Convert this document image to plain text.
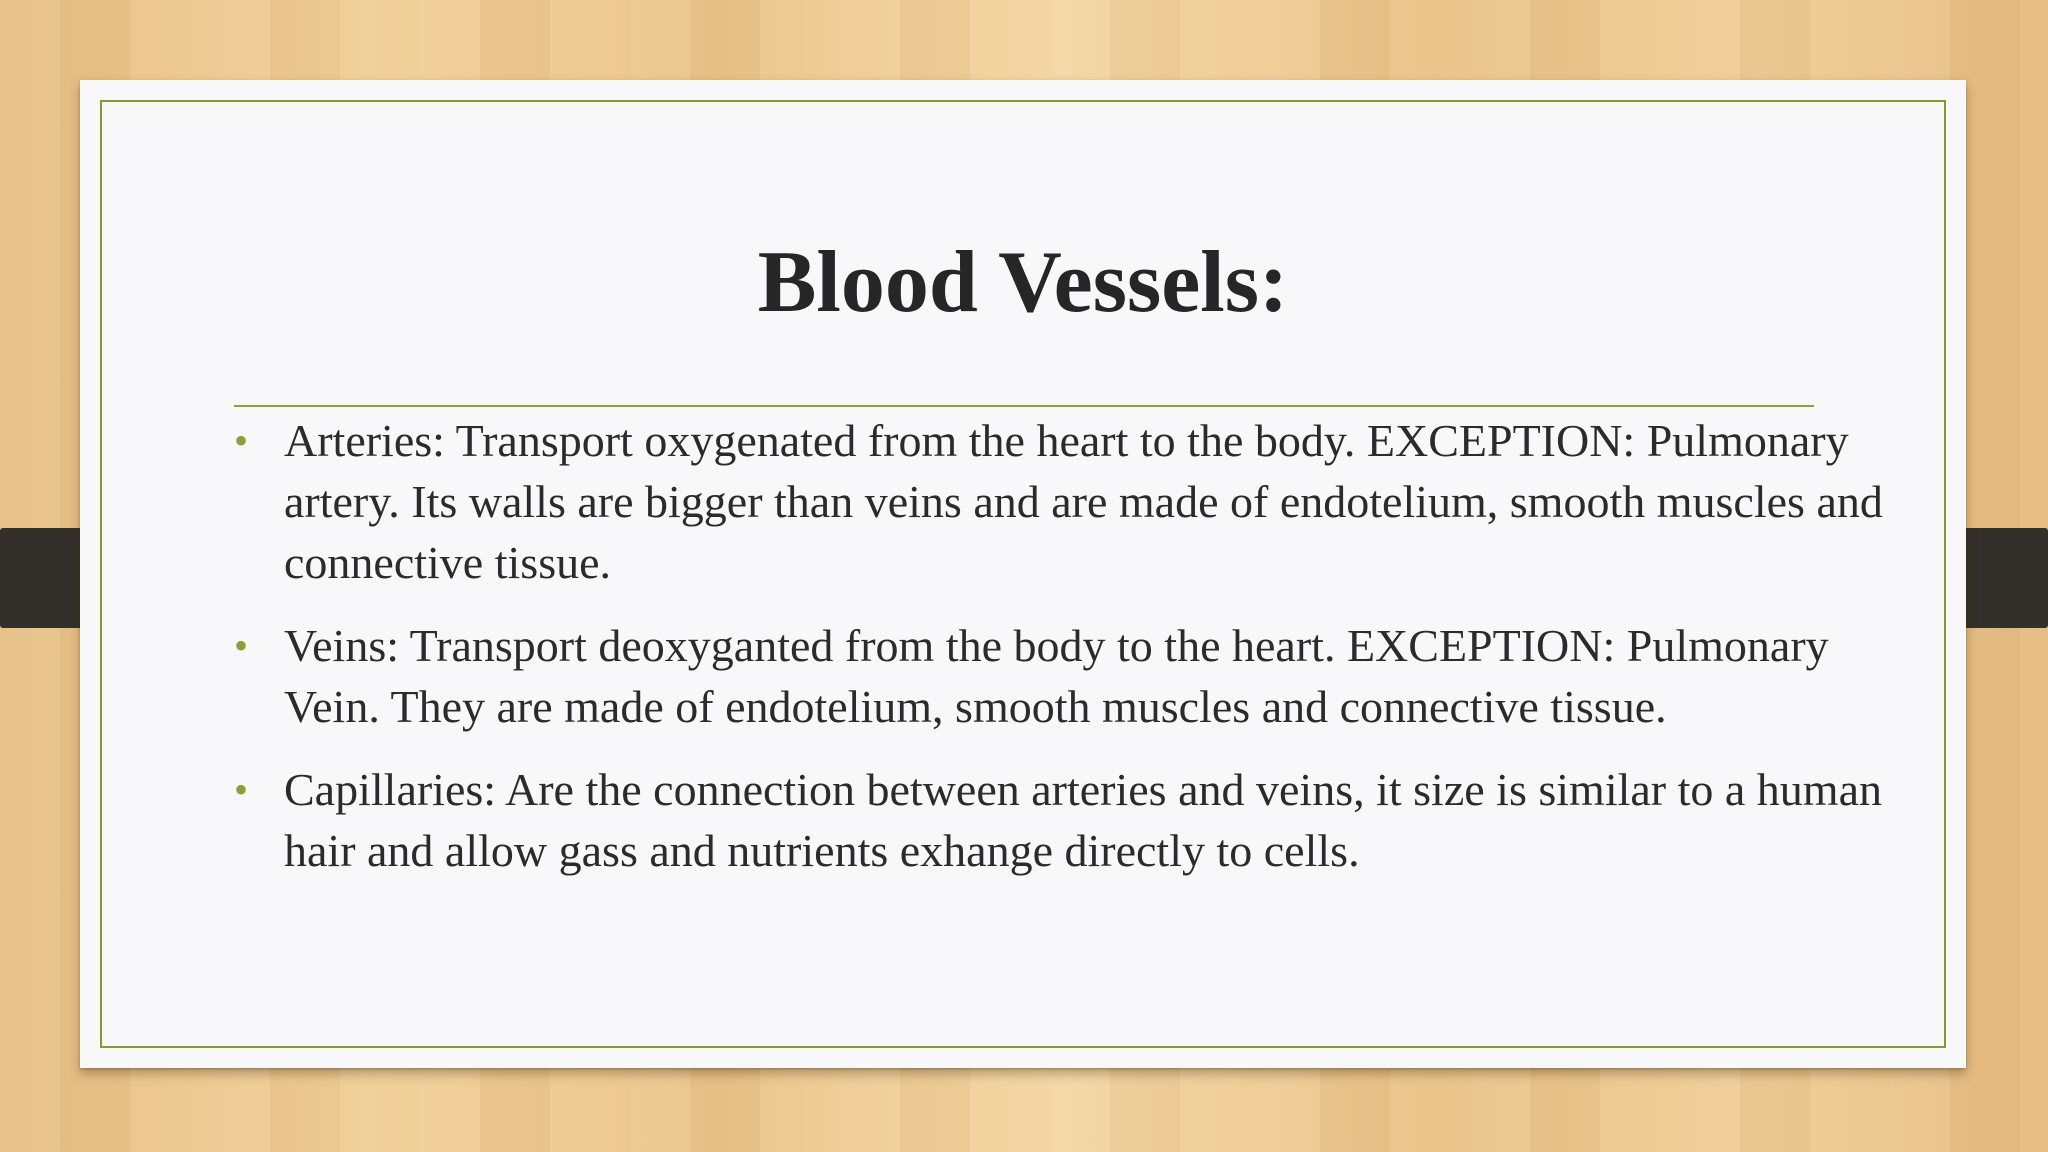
Blood Vessels:
• Arteries: Transport oxygenated from the heart to the body. EXCEPTION: Pulmonary artery. Its walls are bigger than veins and are made of endotelium, smooth muscles and connective tissue.
• Veins: Transport deoxyganted from the body to the heart. EXCEPTION: Pulmonary Vein. They are made of endotelium, smooth muscles and connective tissue.
• Capillaries: Are the connection between arteries and veins, it size is similar to a human hair and allow gass and nutrients exhange directly to cells.
